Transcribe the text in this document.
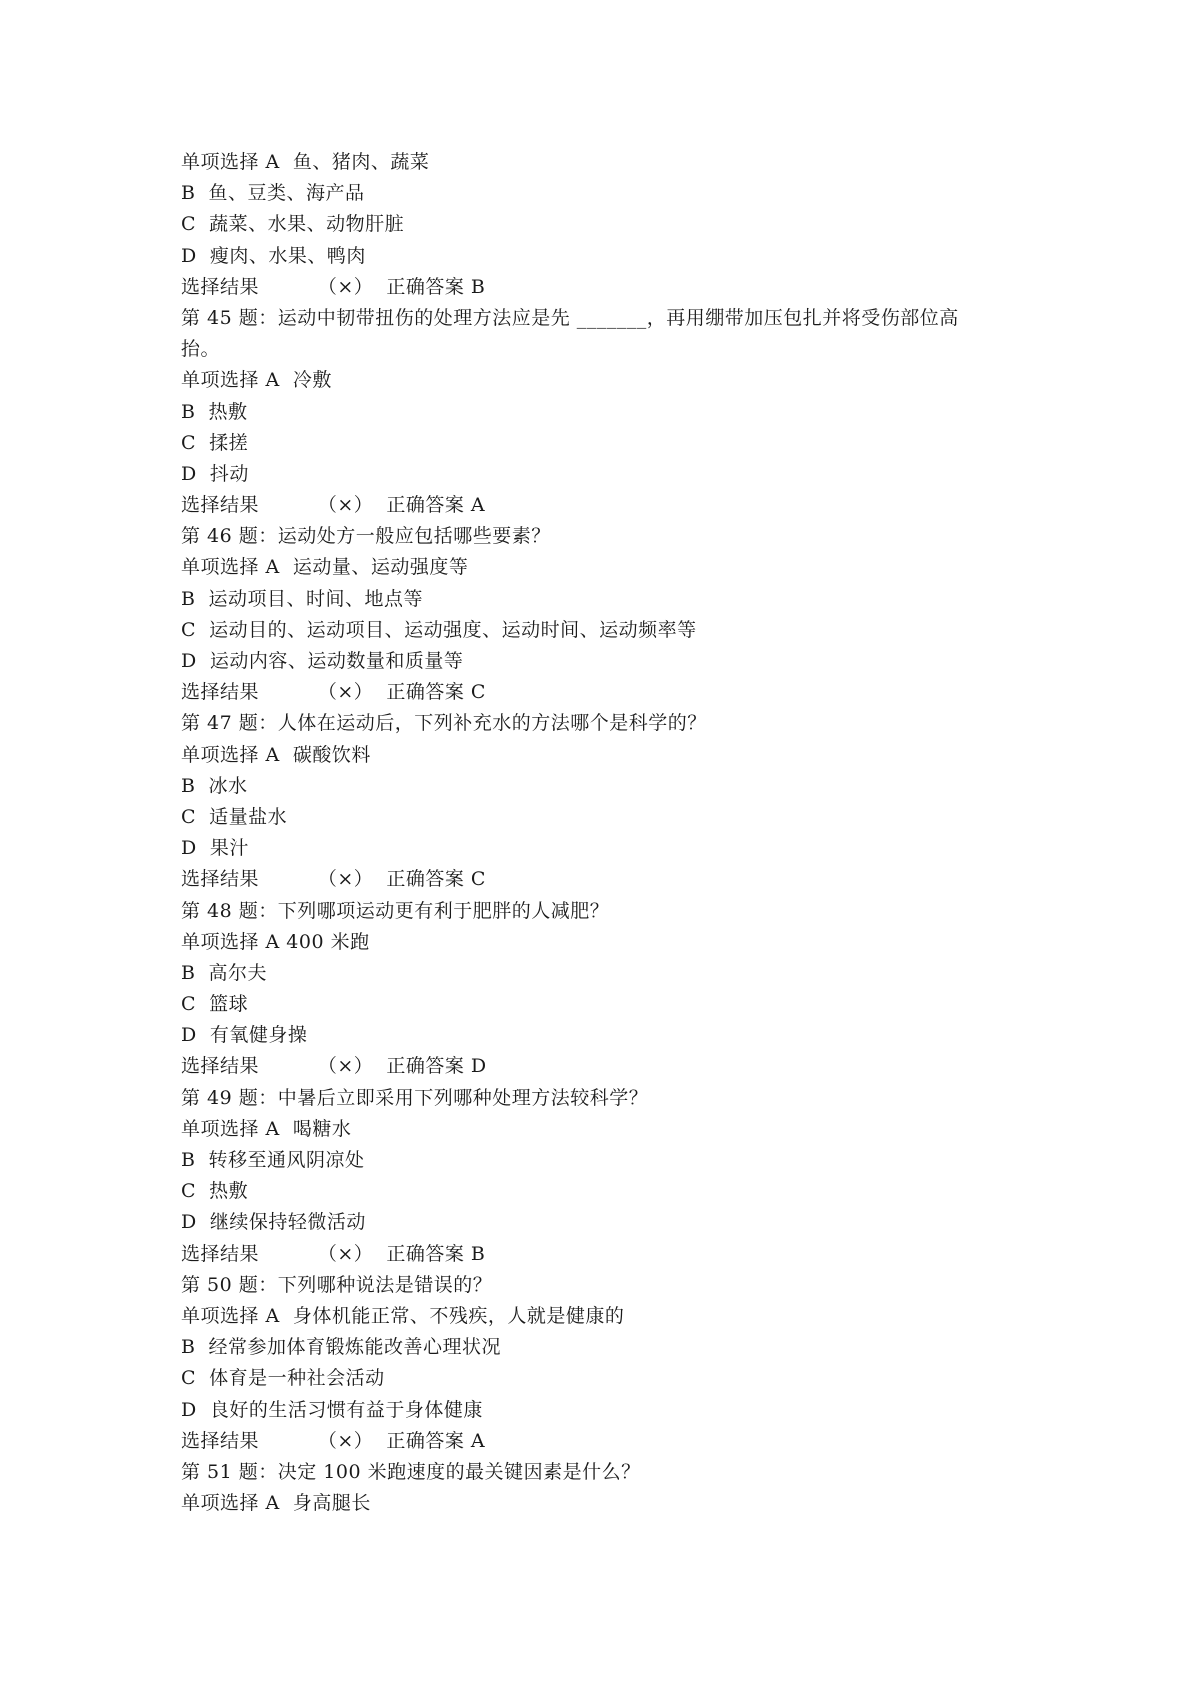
单项选择 A  鱼、猪肉、蔬菜
B  鱼、豆类、海产品
C  蔬菜、水果、动物肝脏
D  瘦肉、水果、鸭肉
选择结果         （×）  正确答案 B
第 45 题：运动中韧带扭伤的处理方法应是先 _______，再用绷带加压包扎并将受伤部位高
抬。
单项选择 A  冷敷
B  热敷
C  揉搓
D  抖动
选择结果         （×）  正确答案 A
第 46 题：运动处方一般应包括哪些要素？
单项选择 A  运动量、运动强度等
B  运动项目、时间、地点等
C  运动目的、运动项目、运动强度、运动时间、运动频率等
D  运动内容、运动数量和质量等
选择结果         （×）  正确答案 C
第 47 题：人体在运动后，下列补充水的方法哪个是科学的？
单项选择 A  碳酸饮料
B  冰水
C  适量盐水
D  果汁
选择结果         （×）  正确答案 C
第 48 题：下列哪项运动更有利于肥胖的人减肥？
单项选择 A 400 米跑
B  高尔夫
C  篮球
D  有氧健身操
选择结果         （×）  正确答案 D
第 49 题：中暑后立即采用下列哪种处理方法较科学？
单项选择 A  喝糖水
B  转移至通风阴凉处
C  热敷
D  继续保持轻微活动
选择结果         （×）  正确答案 B
第 50 题：下列哪种说法是错误的？
单项选择 A  身体机能正常、不残疾，人就是健康的
B  经常参加体育锻炼能改善心理状况
C  体育是一种社会活动
D  良好的生活习惯有益于身体健康
选择结果         （×）  正确答案 A
第 51 题：决定 100 米跑速度的最关键因素是什么？
单项选择 A  身高腿长
